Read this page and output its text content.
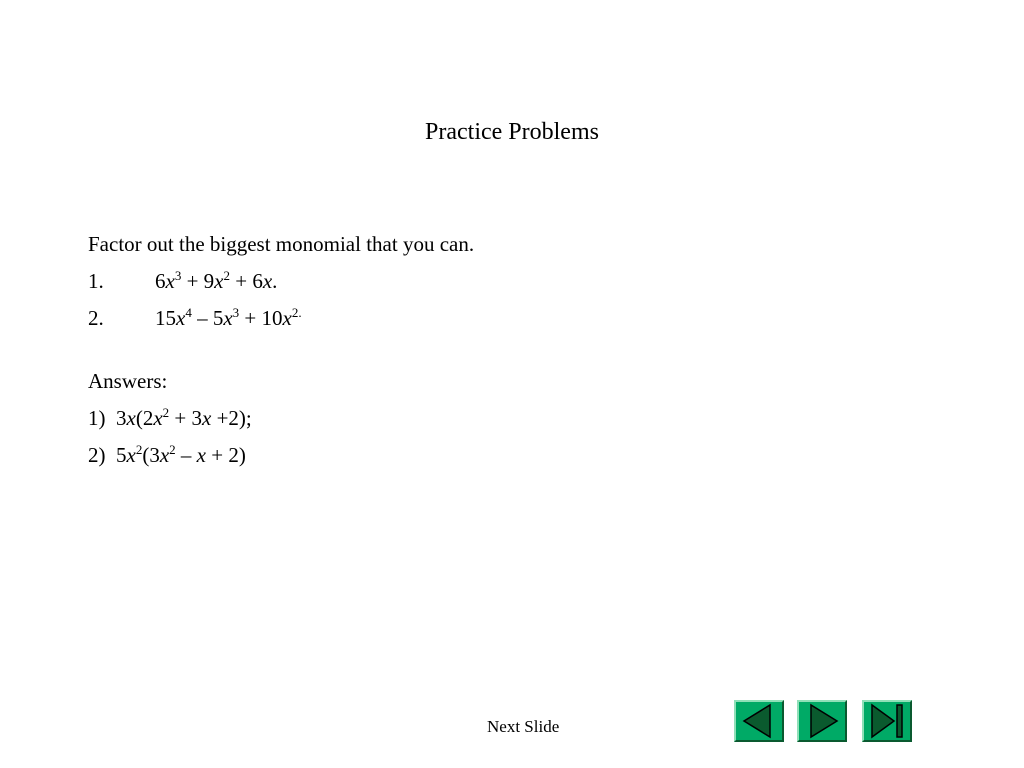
Practice Problems
Factor out the biggest monomial that you can.
1. $6x^3 + 9x^2 + 6x$.
2. $15x^4 - 5x^3 + 10x^{2.}$
Answers:
1) $3x(2x^2 + 3x +2)$;
2) $5x^2(3x^2 - x + 2)$
Next Slide
